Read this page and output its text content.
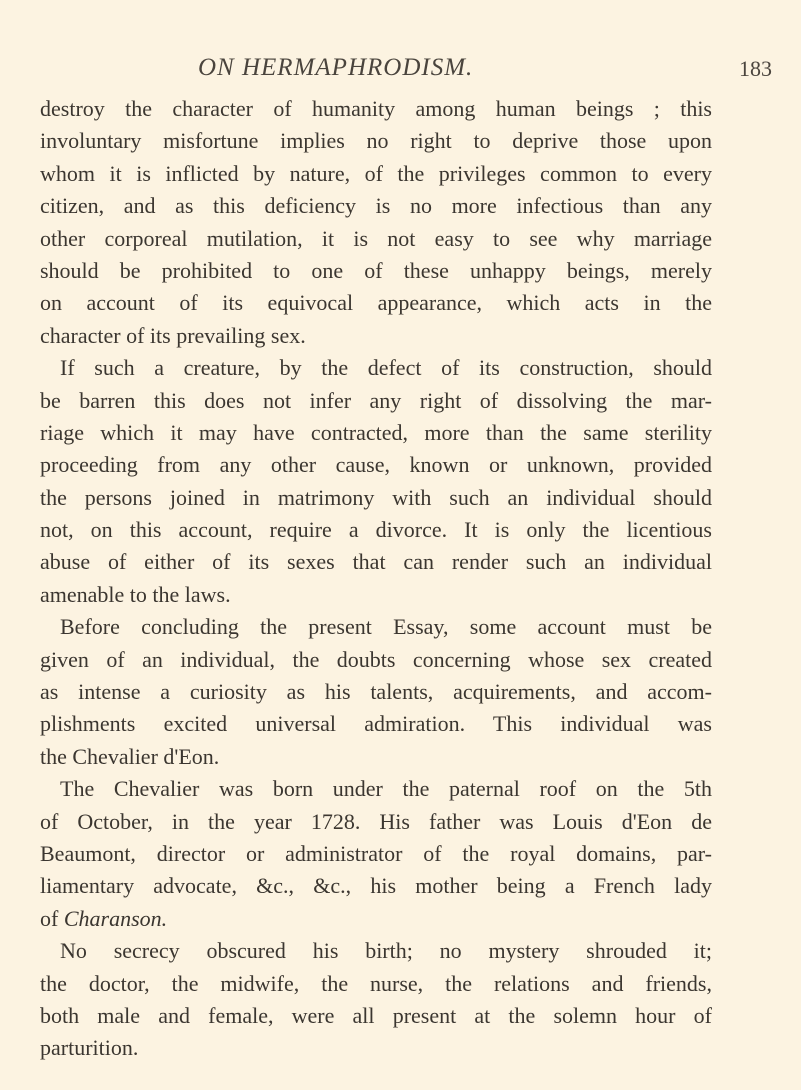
ON HERMAPHRODISM.	183
destroy the character of humanity among human beings ; this
involuntary misfortune implies no right to deprive those upon
whom it is inflicted by nature, of the privileges common to every
citizen, and as this deficiency is no more infectious than any
other corporeal mutilation, it is not easy to see why marriage
should be prohibited to one of these unhappy beings, merely
on account of its equivocal appearance, which acts in the
character of its prevailing sex.
If such a creature, by the defect of its construction, should
be barren this does not infer any right of dissolving the mar-
riage which it may have contracted, more than the same sterility
proceeding from any other cause, known or unknown, provided
the persons joined in matrimony with such an individual should
not, on this account, require a divorce. It is only the licentious
abuse of either of its sexes that can render such an individual
amenable to the laws.
Before concluding the present Essay, some account must be
given of an individual, the doubts concerning whose sex created
as intense a curiosity as his talents, acquirements, and accom-
plishments excited universal admiration. This individual was
the Chevalier d'Eon.
The Chevalier was born under the paternal roof on the 5th
of October, in the year 1728. His father was Louis d'Eon de
Beaumont, director or administrator of the royal domains, par-
liamentary advocate, &c., &c., his mother being a French lady
of Charanson.
No secrecy obscured his birth; no mystery shrouded it;
the doctor, the midwife, the nurse, the relations and friends,
both male and female, were all present at the solemn hour of
parturition.
